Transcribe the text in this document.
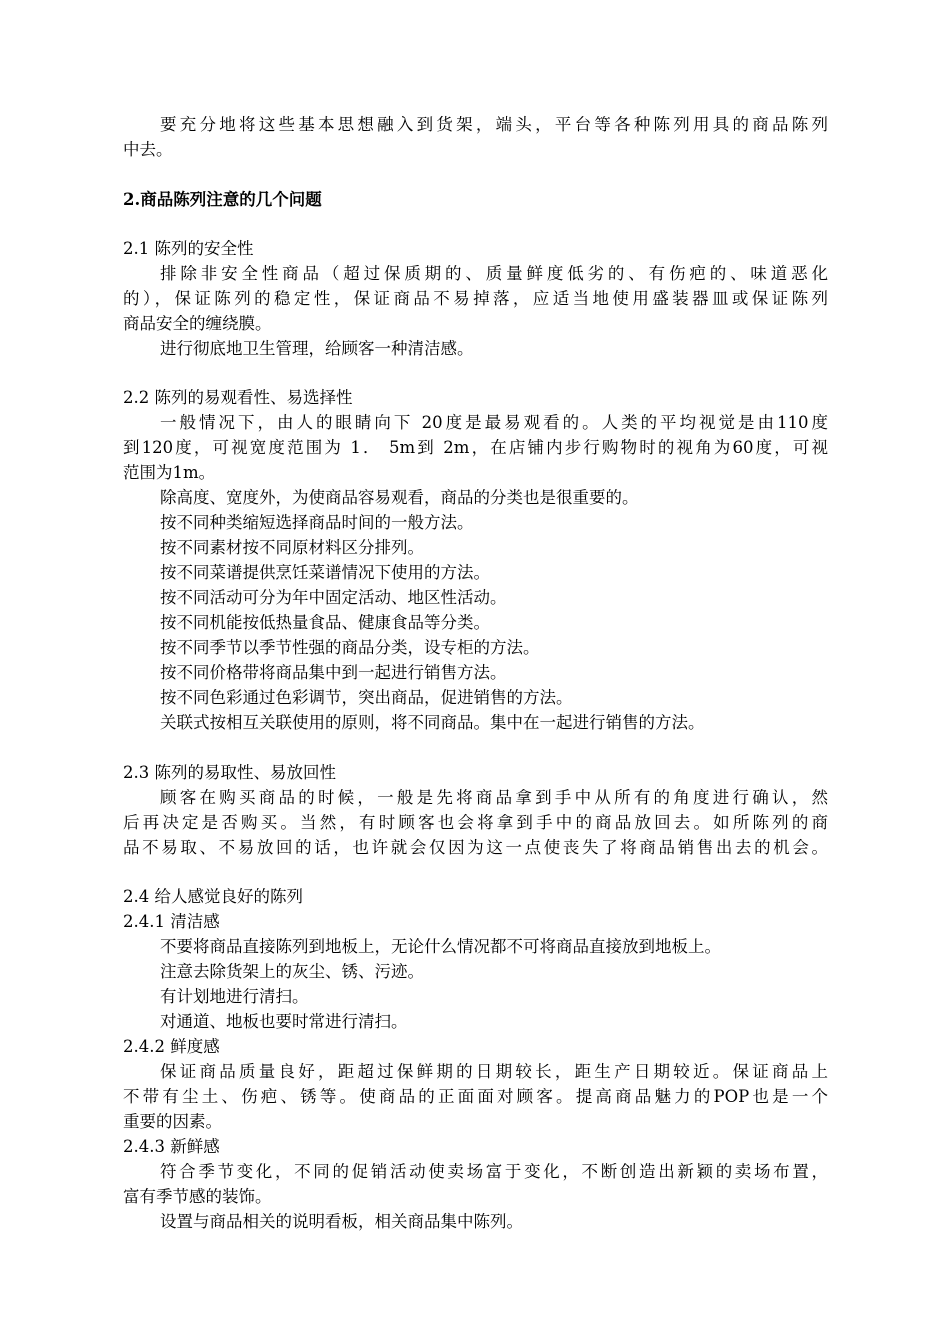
要充分地将这些基本思想融入到货架，端头，平台等各种陈列用具的商品陈列
中去。
2.商品陈列注意的几个问题
2.1 陈列的安全性
排除非安全性商品（超过保质期的、质量鲜度低劣的、有伤疤的、味道恶化
的），保证陈列的稳定性，保证商品不易掉落，应适当地使用盛装器皿或保证陈列
商品安全的缠绕膜。
进行彻底地卫生管理，给顾客一种清洁感。
2.2 陈列的易观看性、易选择性
一般情况下，由人的眼睛向下 20度是最易观看的。人类的平均视觉是由110度
到120度，可视宽度范围为 1． 5m到 2m，在店铺内步行购物时的视角为60度，可视
范围为1m。
除高度、宽度外，为使商品容易观看，商品的分类也是很重要的。
按不同种类缩短选择商品时间的一般方法。
按不同素材按不同原材料区分排列。
按不同菜谱提供烹饪菜谱情况下使用的方法。
按不同活动可分为年中固定活动、地区性活动。
按不同机能按低热量食品、健康食品等分类。
按不同季节以季节性强的商品分类，设专柜的方法。
按不同价格带将商品集中到一起进行销售方法。
按不同色彩通过色彩调节，突出商品，促进销售的方法。
关联式按相互关联使用的原则，将不同商品。集中在一起进行销售的方法。
2.3 陈列的易取性、易放回性
顾客在购买商品的时候，一般是先将商品拿到手中从所有的角度进行确认，然
后再决定是否购买。当然，有时顾客也会将拿到手中的商品放回去。如所陈列的商
品不易取、不易放回的话，也许就会仅因为这一点使丧失了将商品销售出去的机会。
2.4 给人感觉良好的陈列
2.4.1 清洁感
不要将商品直接陈列到地板上，无论什么情况都不可将商品直接放到地板上。
注意去除货架上的灰尘、锈、污迹。
有计划地进行清扫。
对通道、地板也要时常进行清扫。
2.4.2 鲜度感
保证商品质量良好，距超过保鲜期的日期较长，距生产日期较近。保证商品上
不带有尘土、伤疤、锈等。使商品的正面面对顾客。提高商品魅力的POP也是一个
重要的因素。
2.4.3 新鲜感
符合季节变化，不同的促销活动使卖场富于变化，不断创造出新颖的卖场布置，
富有季节感的装饰。
设置与商品相关的说明看板，相关商品集中陈列。
